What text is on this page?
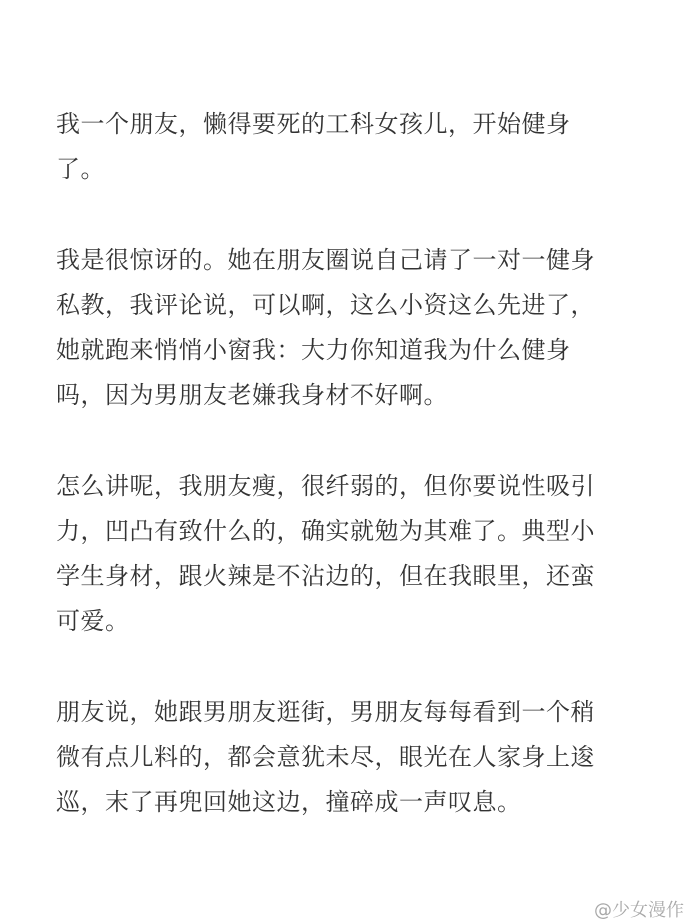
我一个朋友，懒得要死的工科女孩儿，开始健身
了。

我是很惊讶的。她在朋友圈说自己请了一对一健身
私教，我评论说，可以啊，这么小资这么先进了，
她就跑来悄悄小窗我：大力你知道我为什么健身
吗，因为男朋友老嫌我身材不好啊。

怎么讲呢，我朋友瘦，很纤弱的，但你要说性吸引
力，凹凸有致什么的，确实就勉为其难了。典型小
学生身材，跟火辣是不沾边的，但在我眼里，还蛮
可爱。

朋友说，她跟男朋友逛街，男朋友每每看到一个稍
微有点儿料的，都会意犹未尽，眼光在人家身上逡
巡，末了再兜回她这边，撞碎成一声叹息。

@少女漫作
